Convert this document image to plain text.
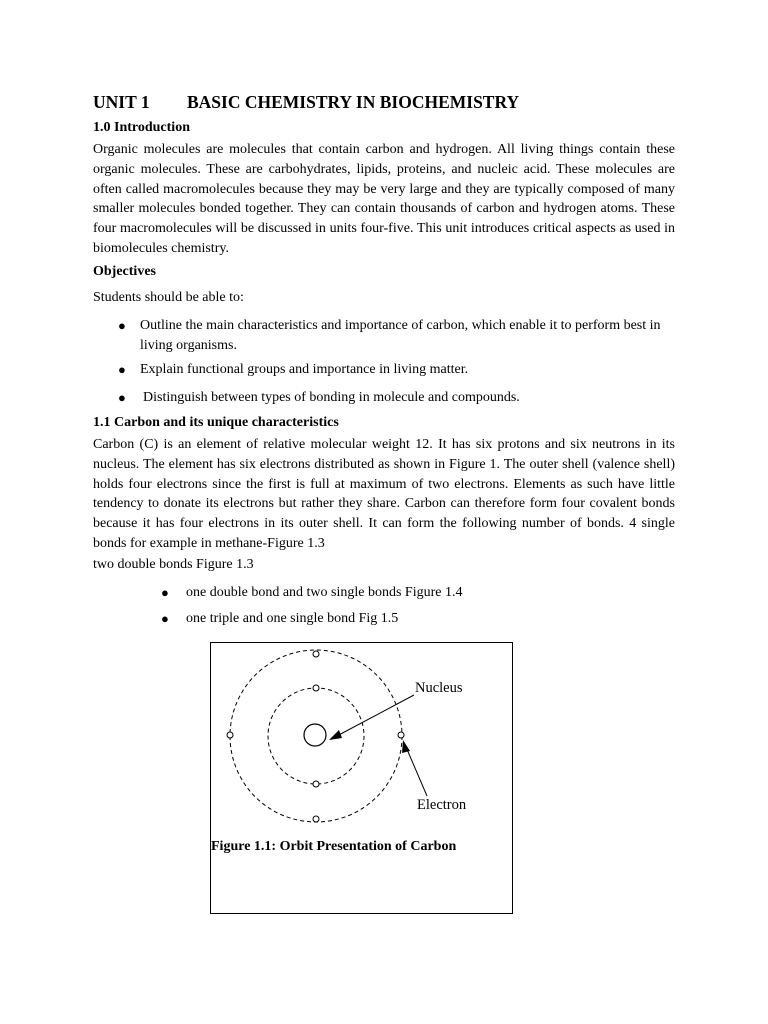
UNIT 1 BASIC CHEMISTRY IN BIOCHEMISTRY
1.0 Introduction

Organic molecules are molecules that contain carbon and hydrogen. All living things contain these organic molecules. These are carbohydrates, lipids, proteins, and nucleic acid. These molecules are often called macromolecules because they may be very large and they are typically composed of many smaller molecules bonded together. They can contain thousands of carbon and hydrogen atoms. These four macromolecules will be discussed in units four-five. This unit introduces critical aspects as used in biomolecules chemistry.

Objectives

Students should be able to:

● Outline the main characteristics and importance of carbon, which enable it to perform best in living organisms.
● Explain functional groups and importance in living matter.
● Distinguish between types of bonding in molecule and compounds.
1.1 Carbon and its unique characteristics

Carbon (C) is an element of relative molecular weight 12. It has six protons and six neutrons in its nucleus. The element has six electrons distributed as shown in Figure 1. The outer shell (valence shell) holds four electrons since the first is full at maximum of two electrons. Elements as such have little tendency to donate its electrons but rather they share. Carbon can therefore form four covalent bonds because it has four electrons in its outer shell. It can form the following number of bonds. 4 single bonds for example in methane-Figure 1.3

two double bonds Figure 1.3

● one double bond and two single bonds Figure 1.4
● one triple and one single bond Fig 1.5
Nucleus
Electron
Figure 1.1: Orbit Presentation of Carbon
